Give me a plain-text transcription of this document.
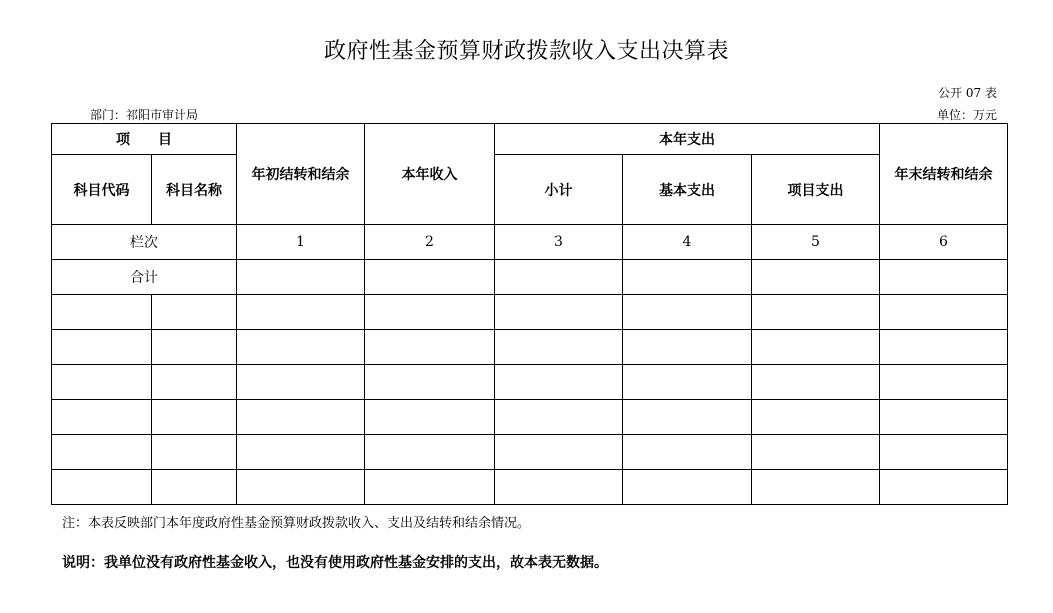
政府性基金预算财政拨款收入支出决算表
公开 07 表
部门：祁阳市审计局	单位：万元
项　　目		年初结转和结余	本年收入	本年支出			年末结转和结余
科目代码	科目名称			小计	基本支出	项目支出	
栏次		1	2	3	4	5	6
合计							

注：本表反映部门本年度政府性基金预算财政拨款收入、支出及结转和结余情况。
说明：我单位没有政府性基金收入，也没有使用政府性基金安排的支出，故本表无数据。
